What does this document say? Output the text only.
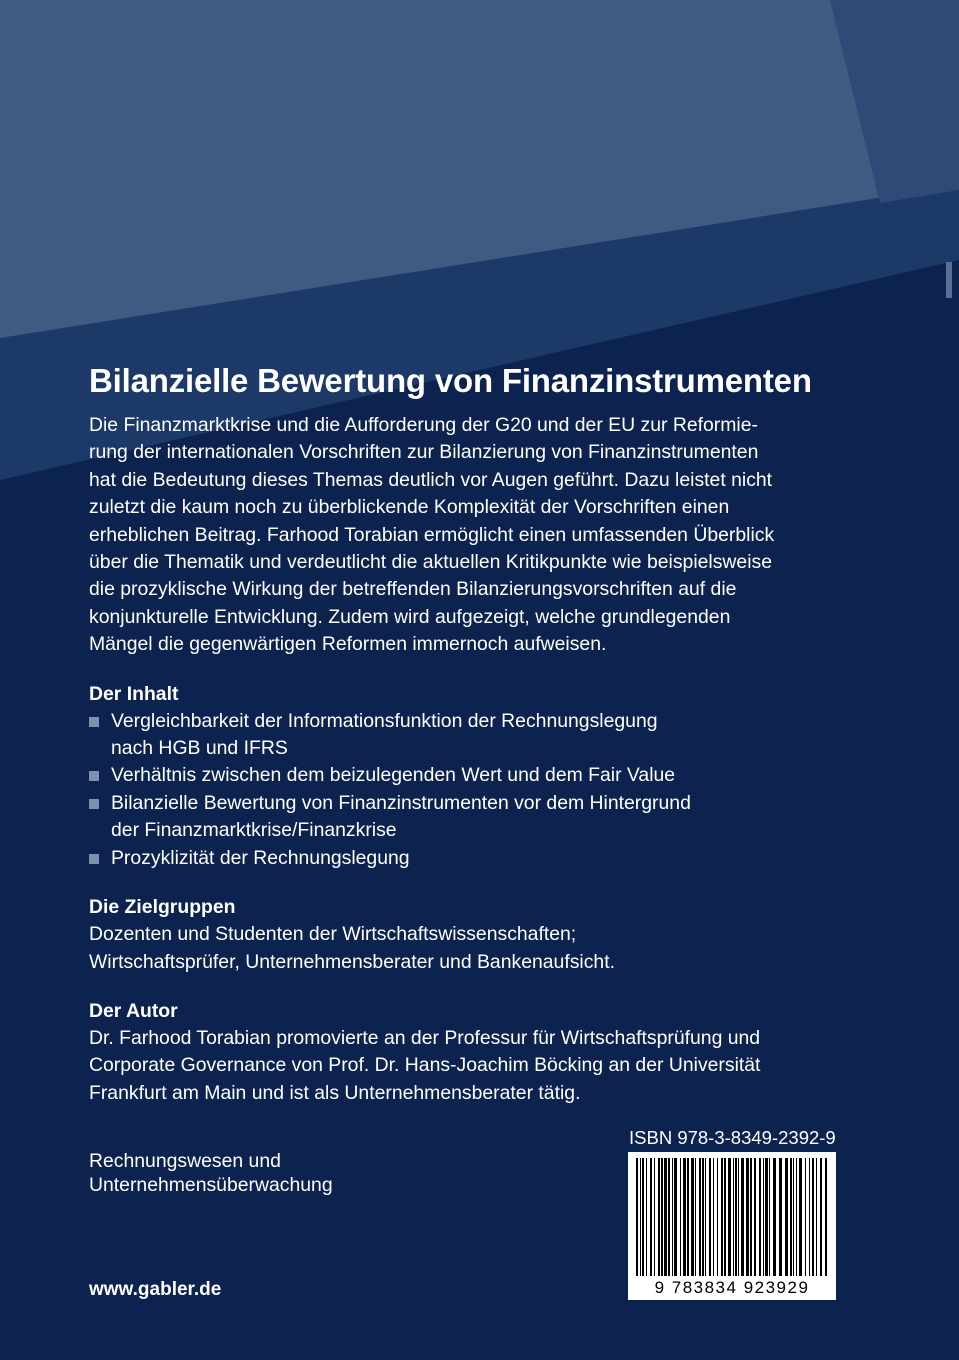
Bilanzielle Bewertung von Finanzinstrumenten

Die Finanzmarktkrise und die Aufforderung der G20 und der EU zur Reformie-
rung der internationalen Vorschriften zur Bilanzierung von Finanzinstrumenten
hat die Bedeutung dieses Themas deutlich vor Augen geführt. Dazu leistet nicht
zuletzt die kaum noch zu überblickende Komplexität der Vorschriften einen
erheblichen Beitrag. Farhood Torabian ermöglicht einen umfassenden Überblick
über die Thematik und verdeutlicht die aktuellen Kritikpunkte wie beispielsweise
die prozyklische Wirkung der betreffenden Bilanzierungsvorschriften auf die
konjunkturelle Entwicklung. Zudem wird aufgezeigt, welche grundlegenden
Mängel die gegenwärtigen Reformen immernoch aufweisen.

Der Inhalt
Vergleichbarkeit der Informationsfunktion der Rechnungslegung
nach HGB und IFRS
Verhältnis zwischen dem beizulegenden Wert und dem Fair Value
Bilanzielle Bewertung von Finanzinstrumenten vor dem Hintergrund
der Finanzmarktkrise/Finanzkrise
Prozyklizität der Rechnungslegung
Die Zielgruppen

Dozenten und Studenten der Wirtschaftswissenschaften;
Wirtschaftsprüfer, Unternehmensberater und Bankenaufsicht.

Der Autor

Dr. Farhood Torabian promovierte an der Professur für Wirtschaftsprüfung und
Corporate Governance von Prof. Dr. Hans-Joachim Böcking an der Universität
Frankfurt am Main und ist als Unternehmensberater tätig.

Rechnungswesen und
Unternehmensüberwachung
www.gabler.de
ISBN 978-3-8349-2392-9
9 783834 923929
